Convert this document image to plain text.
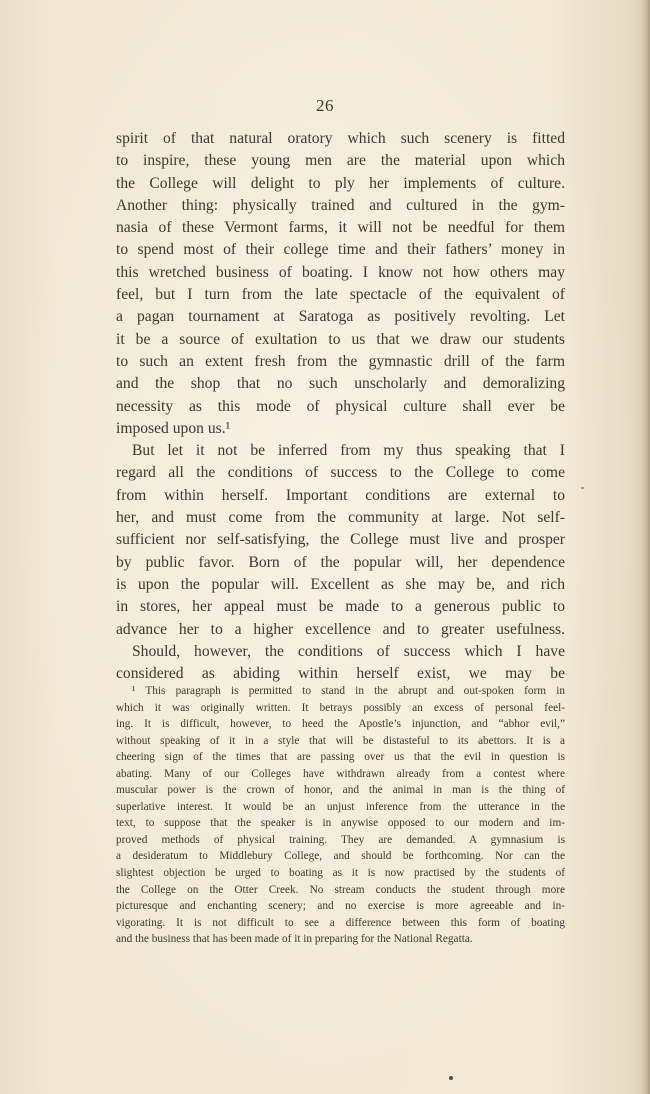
26
spirit of that natural oratory which such scenery is fitted
to inspire, these young men are the material upon which
the College will delight to ply her implements of culture.
Another thing: physically trained and cultured in the gym-
nasia of these Vermont farms, it will not be needful for them
to spend most of their college time and their fathers’ money in
this wretched business of boating. I know not how others may
feel, but I turn from the late spectacle of the equivalent of
a pagan tournament at Saratoga as positively revolting. Let
it be a source of exultation to us that we draw our students
to such an extent fresh from the gymnastic drill of the farm
and the shop that no such unscholarly and demoralizing
necessity as this mode of physical culture shall ever be
imposed upon us.¹
But let it not be inferred from my thus speaking that I
regard all the conditions of success to the College to come
from within herself. Important conditions are external to
her, and must come from the community at large. Not self-
sufficient nor self-satisfying, the College must live and prosper
by public favor. Born of the popular will, her dependence
is upon the popular will. Excellent as she may be, and rich
in stores, her appeal must be made to a generous public to
advance her to a higher excellence and to greater usefulness.
Should, however, the conditions of success which I have
considered as abiding within herself exist, we may be
¹ This paragraph is permitted to stand in the abrupt and out-spoken form in
which it was originally written. It betrays possibly an excess of personal feel-
ing. It is difficult, however, to heed the Apostle’s injunction, and “abhor evil,”
without speaking of it in a style that will be distasteful to its abettors. It is a
cheering sign of the times that are passing over us that the evil in question is
abating. Many of our Colleges have withdrawn already from a contest where
muscular power is the crown of honor, and the animal in man is the thing of
superlative interest. It would be an unjust inference from the utterance in the
text, to suppose that the speaker is in anywise opposed to our modern and im-
proved methods of physical training. They are demanded. A gymnasium is
a desideratum to Middlebury College, and should be forthcoming. Nor can the
slightest objection be urged to boating as it is now practised by the students of
the College on the Otter Creek. No stream conducts the student through more
picturesque and enchanting scenery; and no exercise is more agreeable and in-
vigorating. It is not difficult to see a difference between this form of boating
and the business that has been made of it in preparing for the National Regatta.
